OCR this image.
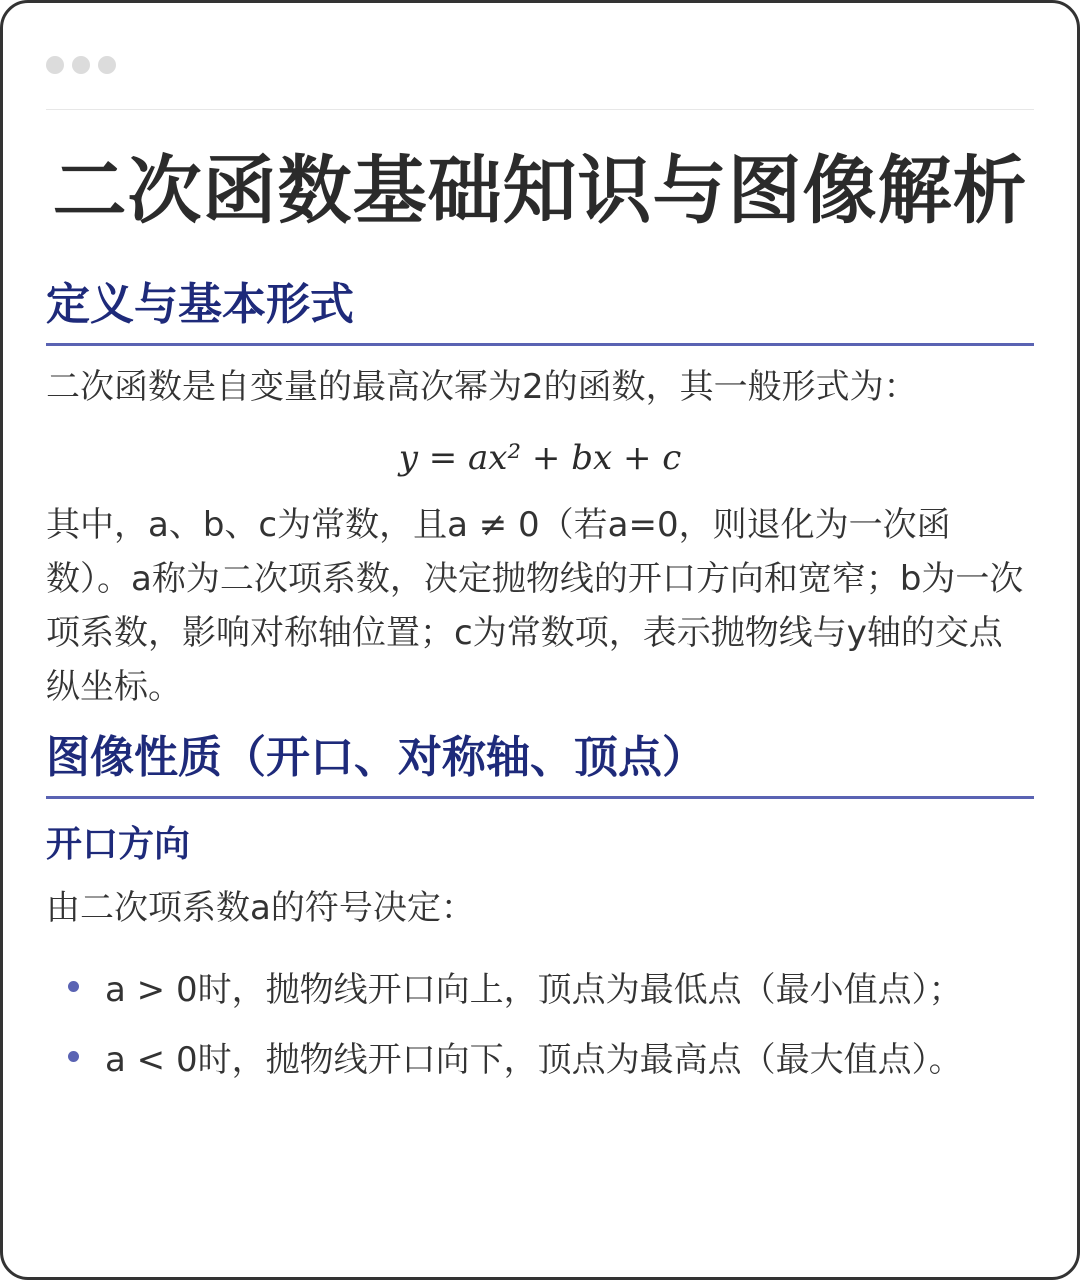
二次函数基础知识与图像解析
定义与基本形式

二次函数是自变量的最高次幂为2的函数，其一般形式为：

y = ax² + bx + c

其中，a、b、c为常数，且a ≠ 0（若a=0，则退化为一次函数）。a称为二次项系数，决定抛物线的开口方向和宽窄；b为一次项系数，影响对称轴位置；c为常数项，表示抛物线与y轴的交点纵坐标。

图像性质（开口、对称轴、顶点）
开口方向

由二次项系数a的符号决定：

a > 0时，抛物线开口向上，顶点为最低点（最小值点）；
a < 0时，抛物线开口向下，顶点为最高点（最大值点）。
